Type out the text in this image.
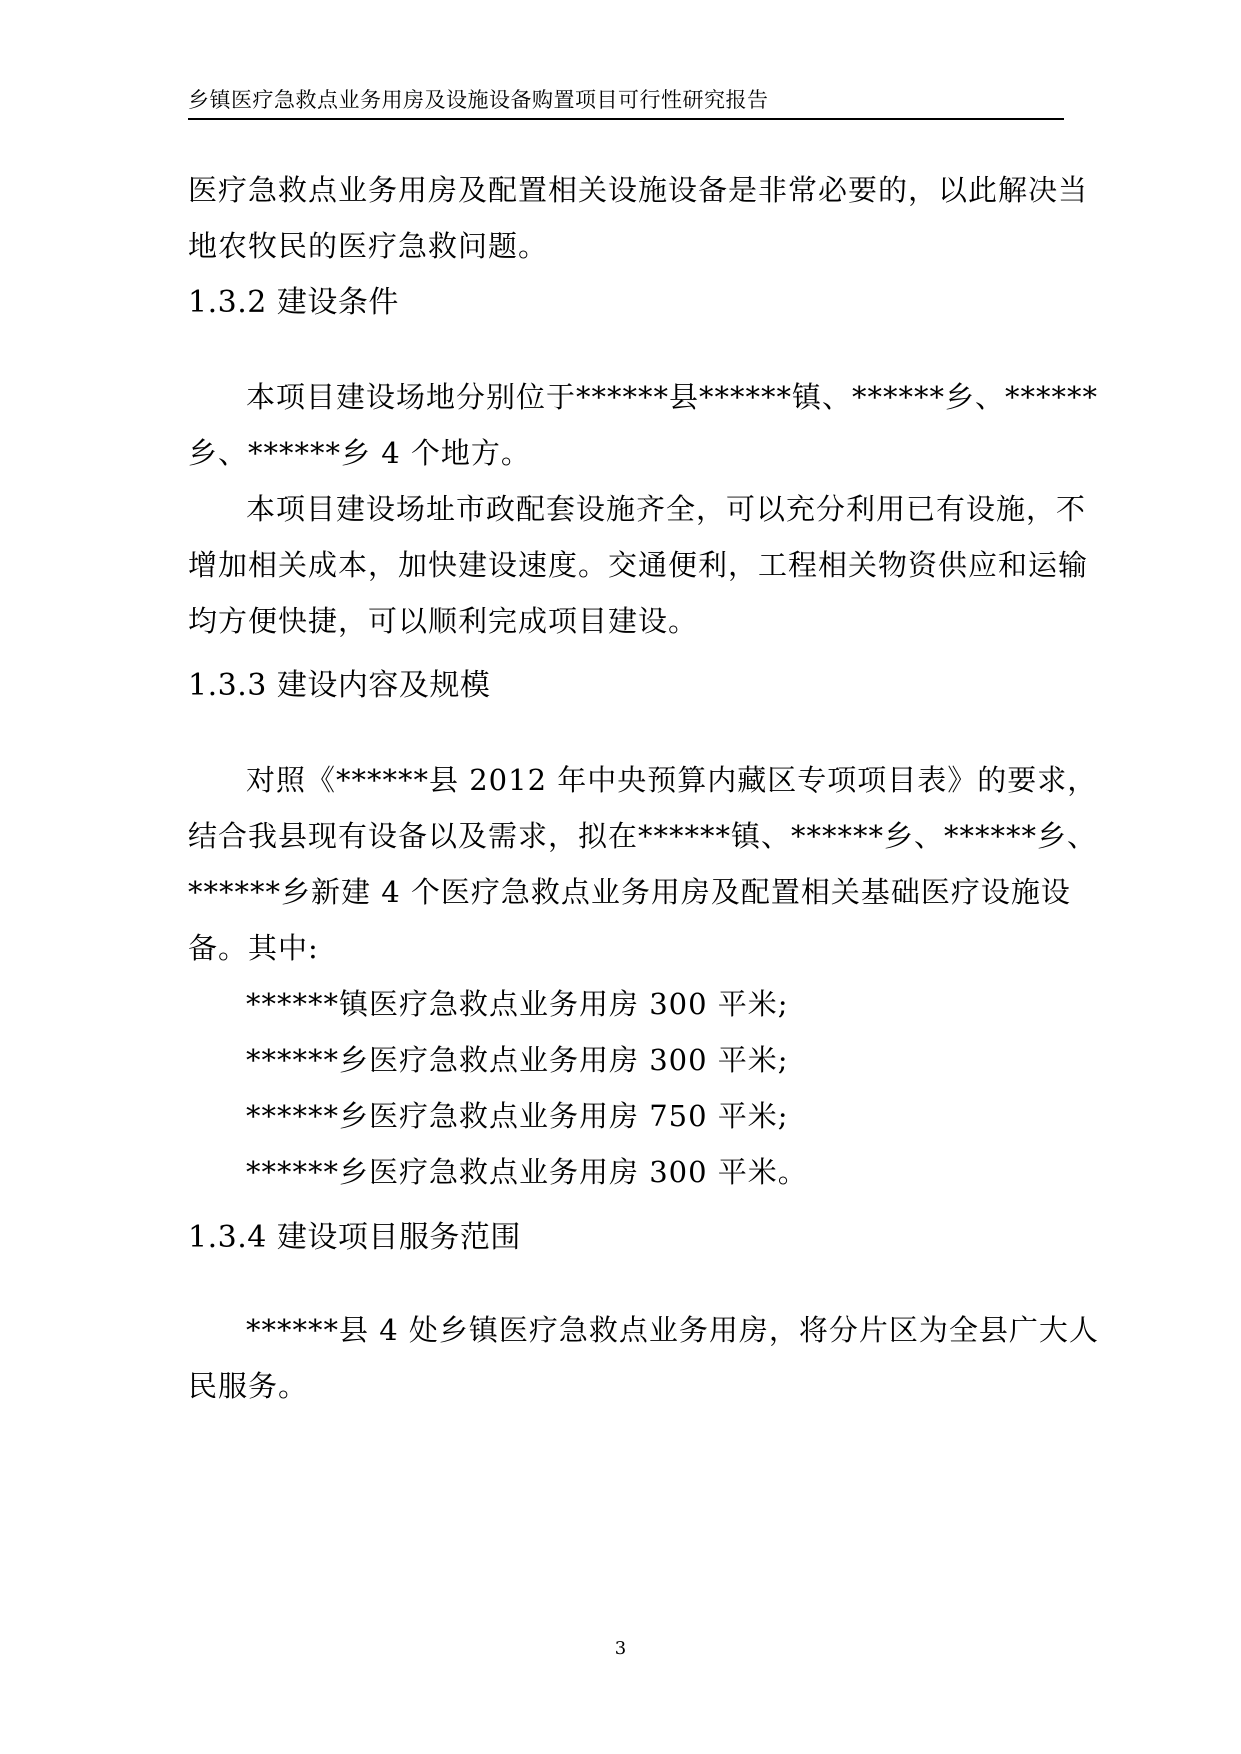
乡镇医疗急救点业务用房及设施设备购置项目可行性研究报告
医疗急救点业务用房及配置相关设施设备是非常必要的，以此解决当
地农牧民的医疗急救问题。
1.3.2 建设条件
本项目建设场地分别位于******县******镇、******乡、******
乡、******乡 4 个地方。
本项目建设场址市政配套设施齐全，可以充分利用已有设施，不
增加相关成本，加快建设速度。交通便利，工程相关物资供应和运输
均方便快捷，可以顺利完成项目建设。
1.3.3 建设内容及规模
对照《******县 2012 年中央预算内藏区专项项目表》的要求，
结合我县现有设备以及需求，拟在******镇、******乡、******乡、
******乡新建 4 个医疗急救点业务用房及配置相关基础医疗设施设
备。其中:
******镇医疗急救点业务用房 300 平米;
******乡医疗急救点业务用房 300 平米;
******乡医疗急救点业务用房 750 平米;
******乡医疗急救点业务用房 300 平米。
1.3.4 建设项目服务范围
******县 4 处乡镇医疗急救点业务用房，将分片区为全县广大人
民服务。
3
